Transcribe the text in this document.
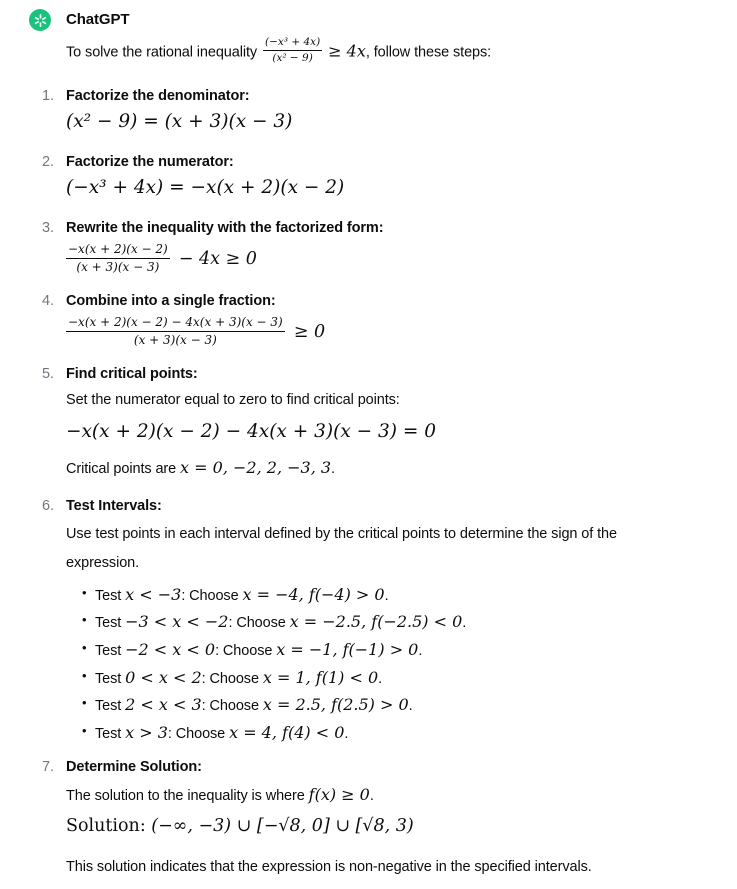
ChatGPT

To solve the rational inequality $\frac{\text{(−x³ + 4x)}}{\text{(x² − 9)}} \ge 4x$, follow these steps:

1. Factorize the denominator:

(x² − 9) = (x + 3)(x − 3)
2. Factorize the numerator:

(−x³ + 4x) = −x(x + 2)(x − 2)
3. Rewrite the inequality with the factorized form:

$\frac{-x(x + 2)(x - 2)}{(x + 3)(x - 3)} - 4x \ge 0$
4. Combine into a single fraction:

$\frac{-x(x + 2)(x - 2) - 4x(x + 3)(x - 3)}{(x + 3)(x - 3)} \ge 0$
5. Find critical points:

Set the numerator equal to zero to find critical points:

−x(x + 2)(x − 2) − 4x(x + 3)(x − 3) = 0

Critical points are x = 0, −2, 2, −3, 3.

6. Test Intervals:

Use test points in each interval defined by the critical points to determine the sign of the expression.

• Test x < −3: Choose x = −4, f(−4) > 0.
• Test −3 < x < −2: Choose x = −2.5, f(−2.5) < 0.
• Test −2 < x < 0: Choose x = −1, f(−1) > 0.
• Test 0 < x < 2: Choose x = 1, f(1) < 0.
• Test 2 < x < 3: Choose x = 2.5, f(2.5) > 0.
• Test x > 3: Choose x = 4, f(4) < 0.
7. Determine Solution:

The solution to the inequality is where f(x) ≥ 0.

Solution: (−∞, −3) ∪ [−√8, 0] ∪ [√8, 3)

This solution indicates that the expression is non-negative in the specified intervals.
